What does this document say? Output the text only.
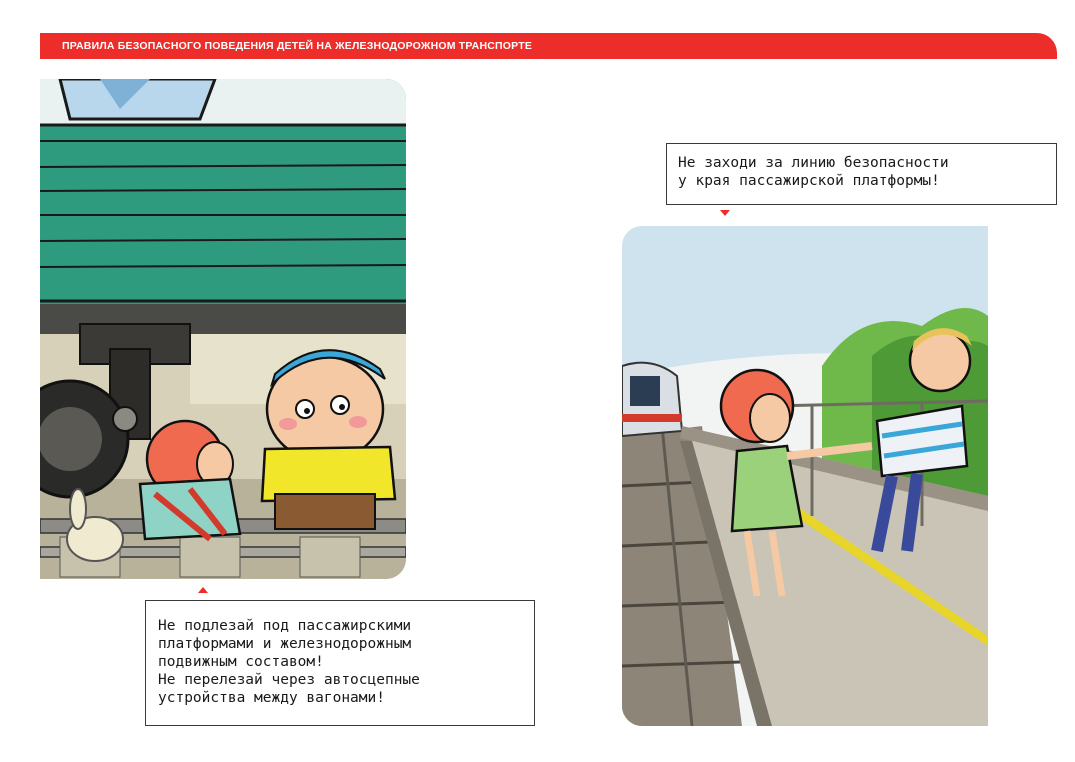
ПРАВИЛА БЕЗОПАСНОГО ПОВЕДЕНИЯ ДЕТЕЙ НА ЖЕЛЕЗНОДОРОЖНОМ ТРАНСПОРТЕ

Не подлезай под пассажирскими

платформами и железнодорожным

подвижным составом!

Не перелезай через автосцепные

устройства между вагонами!

Не заходи за линию безопасности

у края пассажирской платформы!
